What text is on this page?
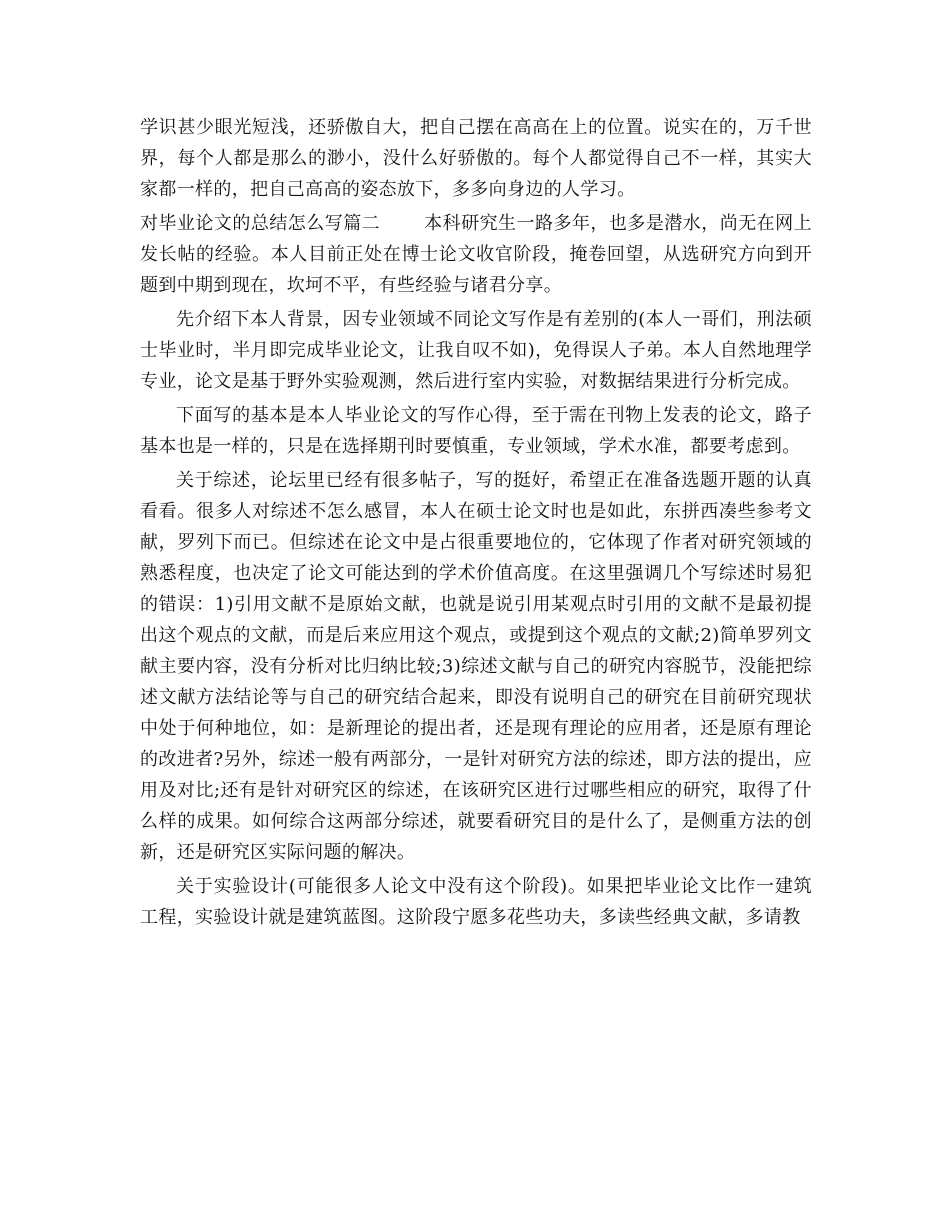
学识甚少眼光短浅，还骄傲自大，把自己摆在高高在上的位置。说实在的，万千世界，每个人都是那么的渺小，没什么好骄傲的。每个人都觉得自己不一样，其实大家都一样的，把自己高高的姿态放下，多多向身边的人学习。

对毕业论文的总结怎么写篇二 本科研究生一路多年，也多是潜水，尚无在网上发长帖的经验。本人目前正处在博士论文收官阶段，掩卷回望，从选研究方向到开题到中期到现在，坎坷不平，有些经验与诸君分享。

先介绍下本人背景，因专业领域不同论文写作是有差别的(本人一哥们，刑法硕士毕业时，半月即完成毕业论文，让我自叹不如)，免得误人子弟。本人自然地理学专业，论文是基于野外实验观测，然后进行室内实验，对数据结果进行分析完成。

下面写的基本是本人毕业论文的写作心得，至于需在刊物上发表的论文，路子基本也是一样的，只是在选择期刊时要慎重，专业领域，学术水准，都要考虑到。

关于综述，论坛里已经有很多帖子，写的挺好，希望正在准备选题开题的认真看看。很多人对综述不怎么感冒，本人在硕士论文时也是如此，东拼西凑些参考文献，罗列下而已。但综述在论文中是占很重要地位的，它体现了作者对研究领域的熟悉程度，也决定了论文可能达到的学术价值高度。在这里强调几个写综述时易犯的错误：1)引用文献不是原始文献，也就是说引用某观点时引用的文献不是最初提出这个观点的文献，而是后来应用这个观点，或提到这个观点的文献;2)简单罗列文献主要内容，没有分析对比归纳比较;3)综述文献与自己的研究内容脱节，没能把综述文献方法结论等与自己的研究结合起来，即没有说明自己的研究在目前研究现状中处于何种地位，如：是新理论的提出者，还是现有理论的应用者，还是原有理论的改进者?另外，综述一般有两部分，一是针对研究方法的综述，即方法的提出，应用及对比;还有是针对研究区的综述，在该研究区进行过哪些相应的研究，取得了什么样的成果。如何综合这两部分综述，就要看研究目的是什么了，是侧重方法的创新，还是研究区实际问题的解决。

关于实验设计(可能很多人论文中没有这个阶段)。如果把毕业论文比作一建筑工程，实验设计就是建筑蓝图。这阶段宁愿多花些功夫，多读些经典文献，多请教
